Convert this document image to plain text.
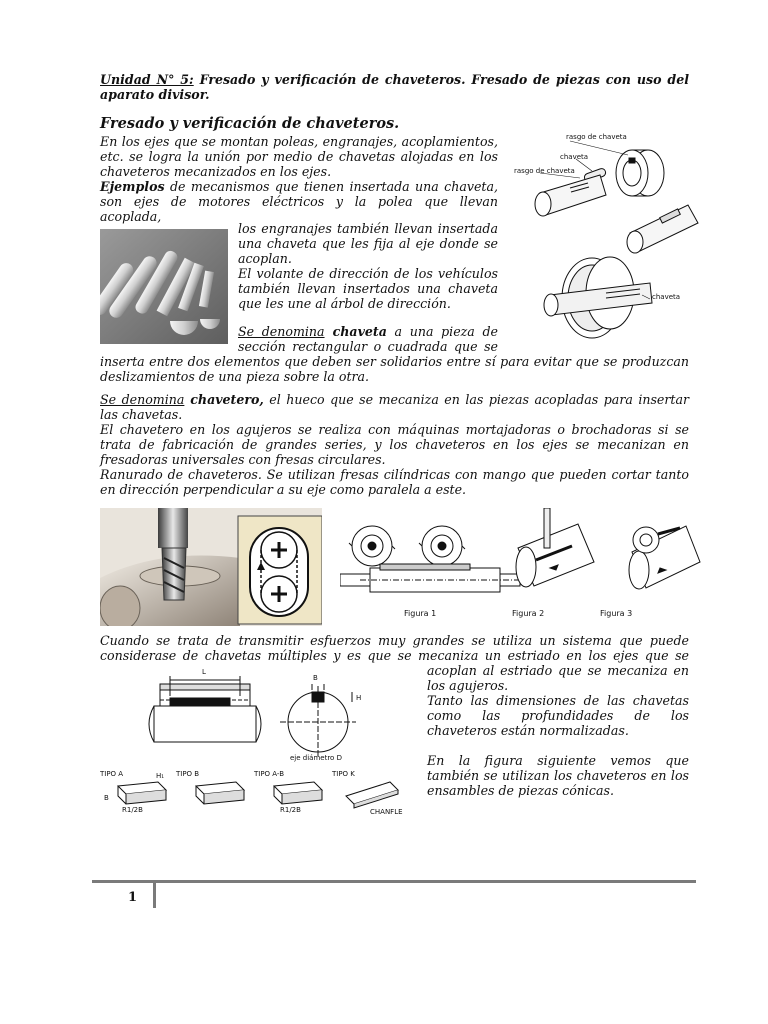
Unidad N° 5: Fresado y verificación de chaveteros. Fresado de piezas con uso del
aparato divisor.
Fresado y verificación de chaveteros.
En los ejes que se montan poleas, engranajes, acoplamientos,
etc. se logra la unión por medio de chavetas alojadas en los
chaveteros mecanizados en los ejes.
Ejemplos de mecanismos que tienen insertada una chaveta,
son ejes de motores eléctricos y la polea que llevan
acoplada,
los engranajes también llevan insertada
una chaveta que les fija al eje donde se
acoplan.
El volante de dirección de los vehículos
también llevan insertados una chaveta
que les une al árbol de dirección.
Se denomina chaveta a una pieza de
sección rectangular o cuadrada que se
inserta entre dos elementos que deben ser solidarios entre sí para evitar que se produzcan
deslizamientos de una pieza sobre la otra.
rasgo de chaveta
chaveta
rasgo de chaveta
chaveta
Se denomina chavetero, el hueco que se mecaniza en las piezas acopladas para insertar
las chavetas.
El chavetero en los agujeros se realiza con máquinas mortajadoras o brochadoras si se
trata de fabricación de grandes series, y los chaveteros en los ejes se mecanizan en
fresadoras universales con fresas circulares.
Ranurado de chaveteros. Se utilizan fresas cilíndricas con mango que pueden cortar tanto
en dirección perpendicular a su eje como paralela a este.
Figura 1	Figura 2	Figura 3
Cuando se trata de transmitir esfuerzos muy grandes se utiliza un sistema que puede
considerase de chavetas múltiples y es que se mecaniza un estriado en los ejes que se
acoplan al estriado que se mecaniza en
los agujeros.
Tanto las dimensiones de las chavetas
como las profundidades de los
chaveteros están normalizadas.
En la figura siguiente vemos que
también se utilizan los chaveteros en los
ensambles de piezas cónicas.
L
B
H
eje diámetro D
TIPO A	TIPO B	TIPO A-B	TIPO K
H₁
B
R1/2B	R1/2B	CHANFLE
1
